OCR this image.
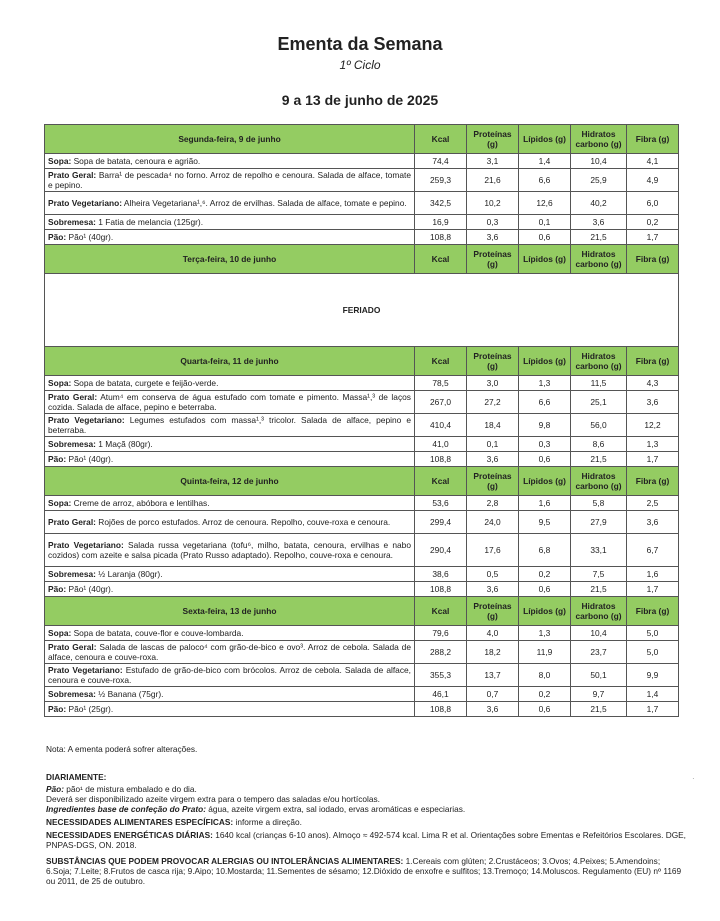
Ementa da Semana
1º Ciclo
9 a 13 de junho de 2025
Segunda-feira, 9 de junho	Kcal	Proteínas (g)	Lípidos (g)	Hidratos carbono (g)	Fibra (g)
Sopa: Sopa de batata, cenoura e agrião.	74,4	3,1	1,4	10,4	4,1
Prato Geral: Barra¹ de pescada⁴ no forno. Arroz de repolho e cenoura. Salada de alface, tomate e pepino.	259,3	21,6	6,6	25,9	4,9
Prato Vegetariano: Alheira Vegetariana¹,⁶. Arroz de ervilhas. Salada de alface, tomate e pepino.	342,5	10,2	12,6	40,2	6,0
Sobremesa: 1 Fatia de melancia (125gr).	16,9	0,3	0,1	3,6	0,2
Pão: Pão¹ (40gr).	108,8	3,6	0,6	21,5	1,7
Terça-feira, 10 de junho	Kcal	Proteínas (g)	Lípidos (g)	Hidratos carbono (g)	Fibra (g)
FERIADO					
Quarta-feira, 11 de junho	Kcal	Proteínas (g)	Lípidos (g)	Hidratos carbono (g)	Fibra (g)
Sopa: Sopa de batata, curgete e feijão-verde.	78,5	3,0	1,3	11,5	4,3
Prato Geral: Atum⁴ em conserva de água estufado com tomate e pimento. Massa¹,³ de laços cozida. Salada de alface, pepino e beterraba.	267,0	27,2	6,6	25,1	3,6
Prato Vegetariano: Legumes estufados com massa¹,³ tricolor. Salada de alface, pepino e beterraba.	410,4	18,4	9,8	56,0	12,2
Sobremesa: 1 Maçã (80gr).	41,0	0,1	0,3	8,6	1,3
Pão: Pão¹ (40gr).	108,8	3,6	0,6	21,5	1,7
Quinta-feira, 12 de junho	Kcal	Proteínas (g)	Lípidos (g)	Hidratos carbono (g)	Fibra (g)
Sopa: Creme de arroz, abóbora e lentilhas.	53,6	2,8	1,6	5,8	2,5
Prato Geral: Rojões de porco estufados. Arroz de cenoura. Repolho, couve-roxa e cenoura.	299,4	24,0	9,5	27,9	3,6
Prato Vegetariano: Salada russa vegetariana (tofu⁶, milho, batata, cenoura, ervilhas e nabo cozidos) com azeite e salsa picada (Prato Russo adaptado). Repolho, couve-roxa e cenoura.	290,4	17,6	6,8	33,1	6,7
Sobremesa: ½ Laranja (80gr).	38,6	0,5	0,2	7,5	1,6
Pão: Pão¹ (40gr).	108,8	3,6	0,6	21,5	1,7
Sexta-feira, 13 de junho	Kcal	Proteínas (g)	Lípidos (g)	Hidratos carbono (g)	Fibra (g)
Sopa: Sopa de batata, couve-flor e couve-lombarda.	79,6	4,0	1,3	10,4	5,0
Prato Geral: Salada de lascas de paloco⁴ com grão-de-bico e ovo³. Arroz de cebola. Salada de alface, cenoura e couve-roxa.	288,2	18,2	11,9	23,7	5,0
Prato Vegetariano: Estufado de grão-de-bico com brócolos. Arroz de cebola. Salada de alface, cenoura e couve-roxa.	355,3	13,7	8,0	50,1	9,9
Sobremesa: ½ Banana (75gr).	46,1	0,7	0,2	9,7	1,4
Pão: Pão¹ (25gr).	108,8	3,6	0,6	21,5	1,7
Nota: A ementa poderá sofrer alterações.
DIARIAMENTE:
Pão: pão¹ de mistura embalado e do dia.
Deverá ser disponibilizado azeite virgem extra para o tempero das saladas e/ou hortícolas.
Ingredientes base de confeção do Prato: água, azeite virgem extra, sal iodado, ervas aromáticas e especiarias.
NECESSIDADES ALIMENTARES ESPECÍFICAS: informe a direção.
NECESSIDADES ENERGÉTICAS DIÁRIAS: 1640 kcal (crianças 6-10 anos). Almoço ≈ 492-574 kcal. Lima R et al. Orientações sobre Ementas e Refeitórios Escolares. DGE, PNPAS-DGS, ON. 2018.
SUBSTÂNCIAS QUE PODEM PROVOCAR ALERGIAS OU INTOLERÂNCIAS ALIMENTARES: 1.Cereais com glúten; 2.Crustáceos; 3.Ovos; 4.Peixes; 5.Amendoins; 6.Soja; 7.Leite; 8.Frutos de casca rija; 9.Aipo; 10.Mostarda; 11.Sementes de sésamo; 12.Dióxido de enxofre e sulfitos; 13.Tremoço; 14.Moluscos. Regulamento (EU) nº 1169 ou 2011, de 25 de outubro.
·
